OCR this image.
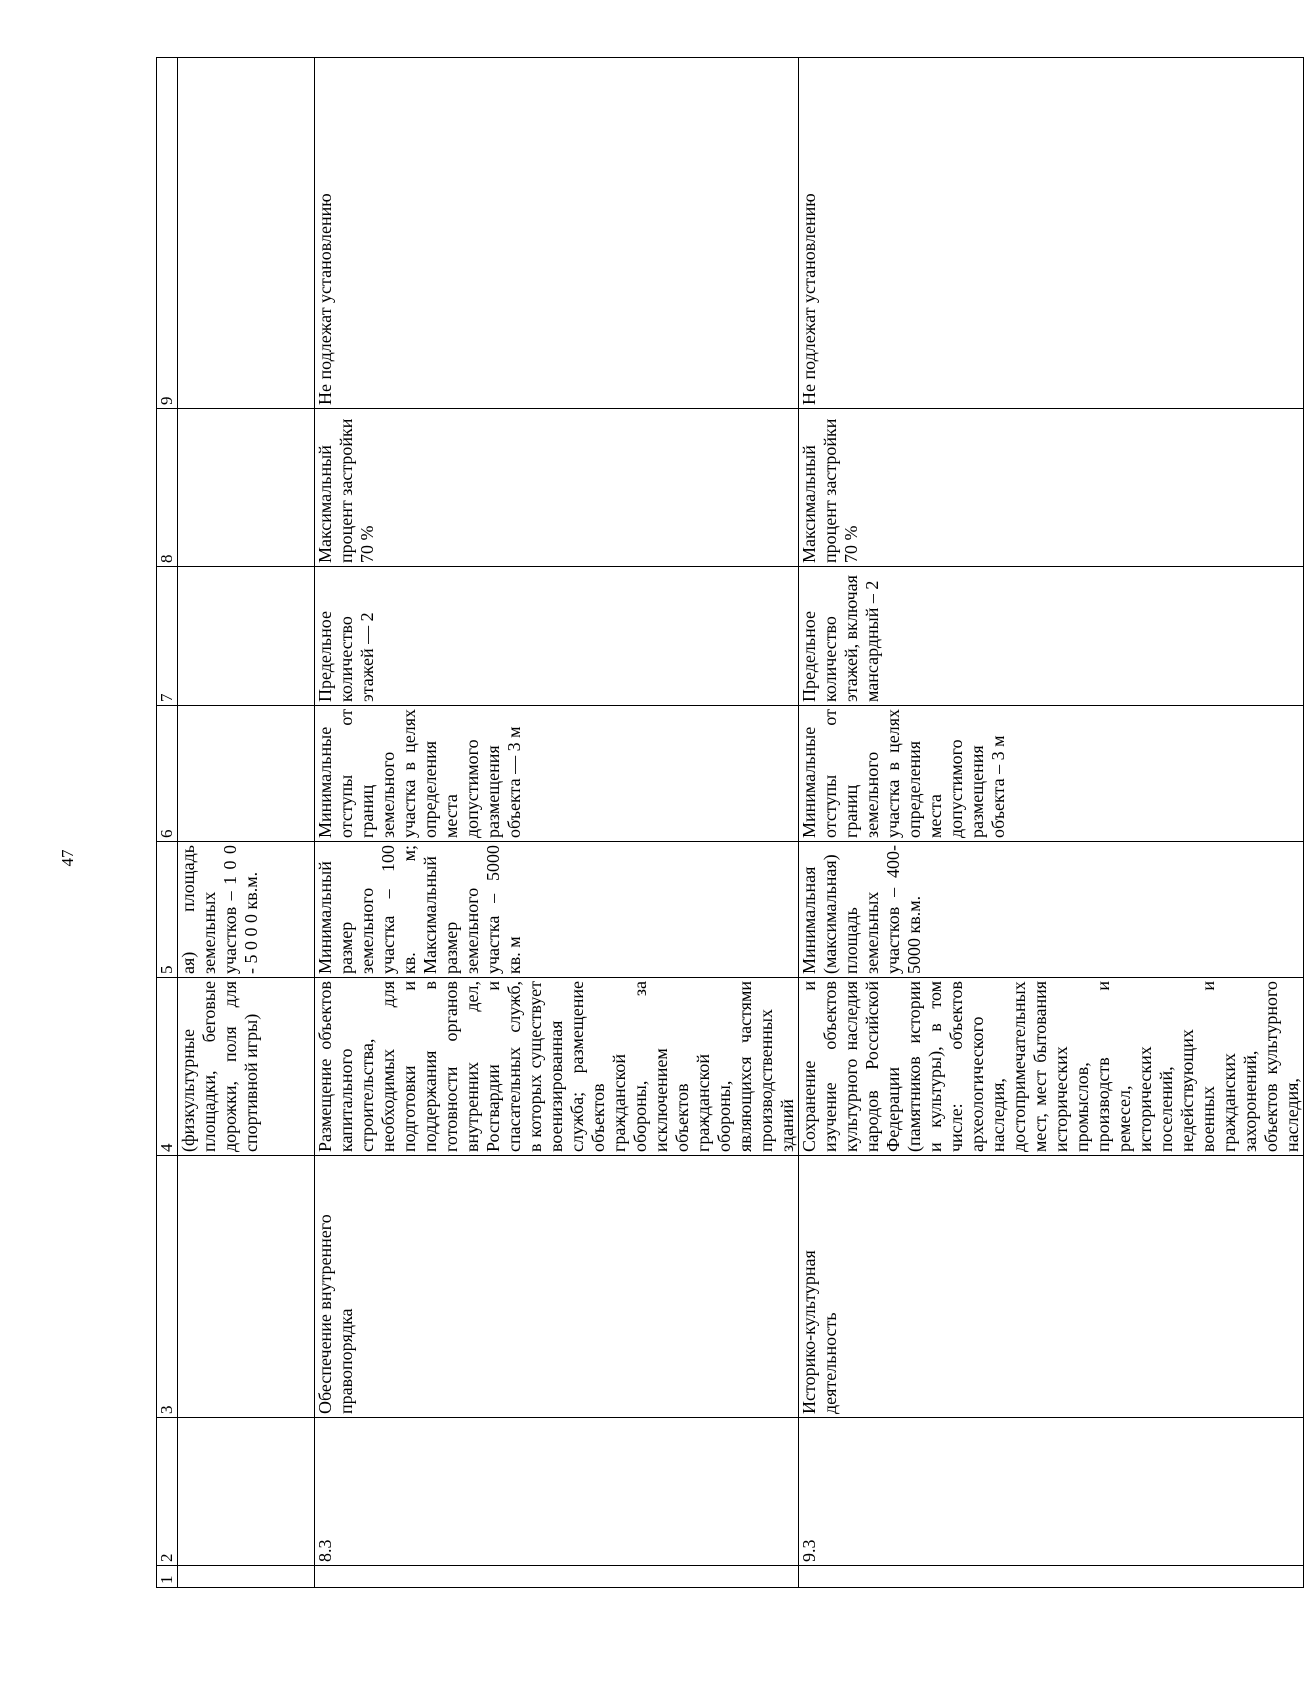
47
1	2	3	4	5	6	7	8	9
			(физкультурные площадки, беговые дорожки, поля для спортивной игры)	ая) площадь земельных участков – 1 0 0 - 5 0 0 0 кв.м.				
	8.3	Обеспечение внутреннего правопорядка	Размещение объектов капитального строительства, необходимых для подготовки и поддержания в готовности органов внутренних дел, Росгвардии и спасательных служб, в которых существует военизированная служба; размещение объектов гражданской обороны, за исключением объектов гражданской обороны, являющихся частями производственных зданий	Минимальный размер земельного участка – 100 кв. м; Максимальный размер земельного участка – 5000 кв. м	Минимальные отступы от границ земельного участка в целях определения места допустимого размещения объекта — 3 м	Предельное количество этажей — 2	Максимальный процент застройки 70 %	Не подлежат установлению
	9.3	Историко-культурная деятельность	Сохранение и изучение объектов культурного наследия народов Российской Федерации (памятников истории и культуры), в том числе: объектов археологического наследия, достопримечательных мест, мест бытования исторических промыслов, производств и ремесел, исторических поселений, недействующих военных и гражданских захоронений, объектов культурного наследия,	Минимальная (максимальная) площадь земельных участков – 400-5000 кв.м.	Минимальные отступы от границ земельного участка в целях определения места допустимого размещения объекта – 3 м	Предельное количество этажей, включая мансардный – 2	Максимальный процент застройки 70 %	Не подлежат установлению
